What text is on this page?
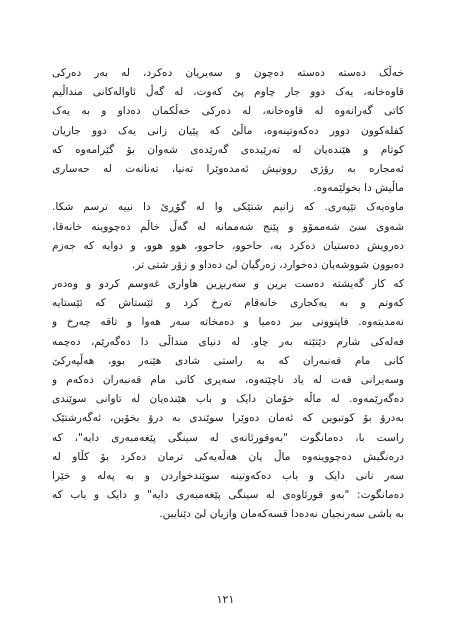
خەڵک دەستە دەستە دەچون و سەیریان دەکرد، لە بەر دەرکی
قاوەخانە، یەک دوو جار چاوم پێ کەوت، لە گەڵ ئاوالەکانی منداڵیم
کاتی گەرانەوە لە قاوەخانە، لە دەرکی خەڵکمان دەداو و بە یەک
کفلەکوون دوور دەکەوتینەوە، ماڵێ کە پێیان زانی یەک دوو جاریان
کوتام و هێندەیان لە تەرێیدەی گەرێدەی شەوان بۆ گێرامەوە کە
ئەمجارە بە رۆژی روونیش ئەمدەوێرا تەنیا، تەنانەت لە حەساری
ماڵیش دا بخولێمەوە.
ماوەیەک تێپەری. کە زانیم شتێکی وا لە گۆڕێ دا نییە ترسم شکا.
شەوی سێ شەممۆو و پێنج شەممانە لە گەڵ خاڵم دەچووینە خانەقا،
دەرویش دەستیان دەکرد بە، حاحوو، حاحوو، هوو هوو، و دوایە کە جەزم
دەبوون شووشەیان دەخوارد، زەرگیان لێ دەداو و زۆر شتی تر.
کە کار گەیشتە دەست برین و سەربڕین هاواری غەوسم کردو و وەدەر
کەوتم و بە یەکجاری خانەقام تەرخ کرد و ئێستاش کە ئێستایە
نەمدیتەوە. فاپتوونی بیر دەمیا و دەمخاتە سەر هەوا و تاقە چەرخ و
فەلەکی شارم دێتێتە بەر چاو. لە دنیای منداڵی دا دەگەرێم، دەچمە
کانی مام قەنبەران کە بە راستی شادی هێنەر بوو، هەڵپەرکێ
وسەیرانی قەت لە یاد ناچێتەوە، سەیری کانی مام قەنبەران دەکەم و
دەگەرێمەوە. لە ماڵە خۆمان دایک و باب هێندەیان لە تاوانی سوێندی
بەدرۆ بۆ کوتبوین کە ئەمان دەوێرا سوێندی بە درۆ بخۆین، ئەگەرشتێک
راست با، دەمانگوت "بەوقورئانەی لە سینگی پێغەمبەری دایە"، کە
درەنگیش دەچووینەوە ماڵ یان هەڵەیەکی ترمان دەکرد بۆ کڵاو لە
سەر نانی دایک و باب دەکەوتینە سوێندخواردن و بە پەلە و خێرا
دەمانگوت: "بەو قورئاوەی لە سینگی پێغەمبەری دایە" و دایک و باب کە
بە باشی سەرنجیان نەدەدا قسەکەمان وازیان لێ دێنایین.
١٢١
